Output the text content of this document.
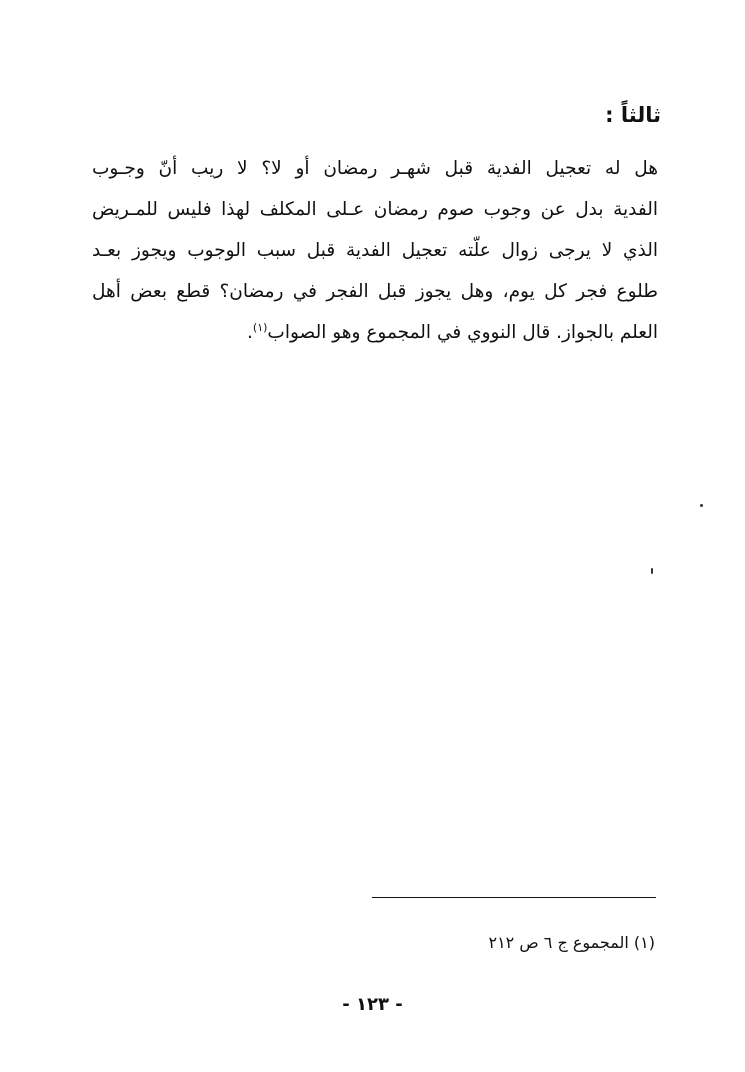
ثالثاً :
هل له تعجيل الفدية قبل شهـر رمضان أو لا؟ لا ريب أنّ وجـوب
الفدية بدل عن وجوب صوم رمضان عـلى المكلف لهذا فليس للمـريض
الذي لا يرجى زوال علّته تعجيل الفدية قبل سبب الوجوب ويجوز بعـد
طلوع فجر كل يوم، وهل يجوز قبل الفجر في رمضان؟ قطع بعض أهل
العلم بالجواز. قال النووي في المجموع وهو الصواب$^{(١)}$.
(١) المجموع ج ٦ ص ٢١٢
- ١٢٣ -
